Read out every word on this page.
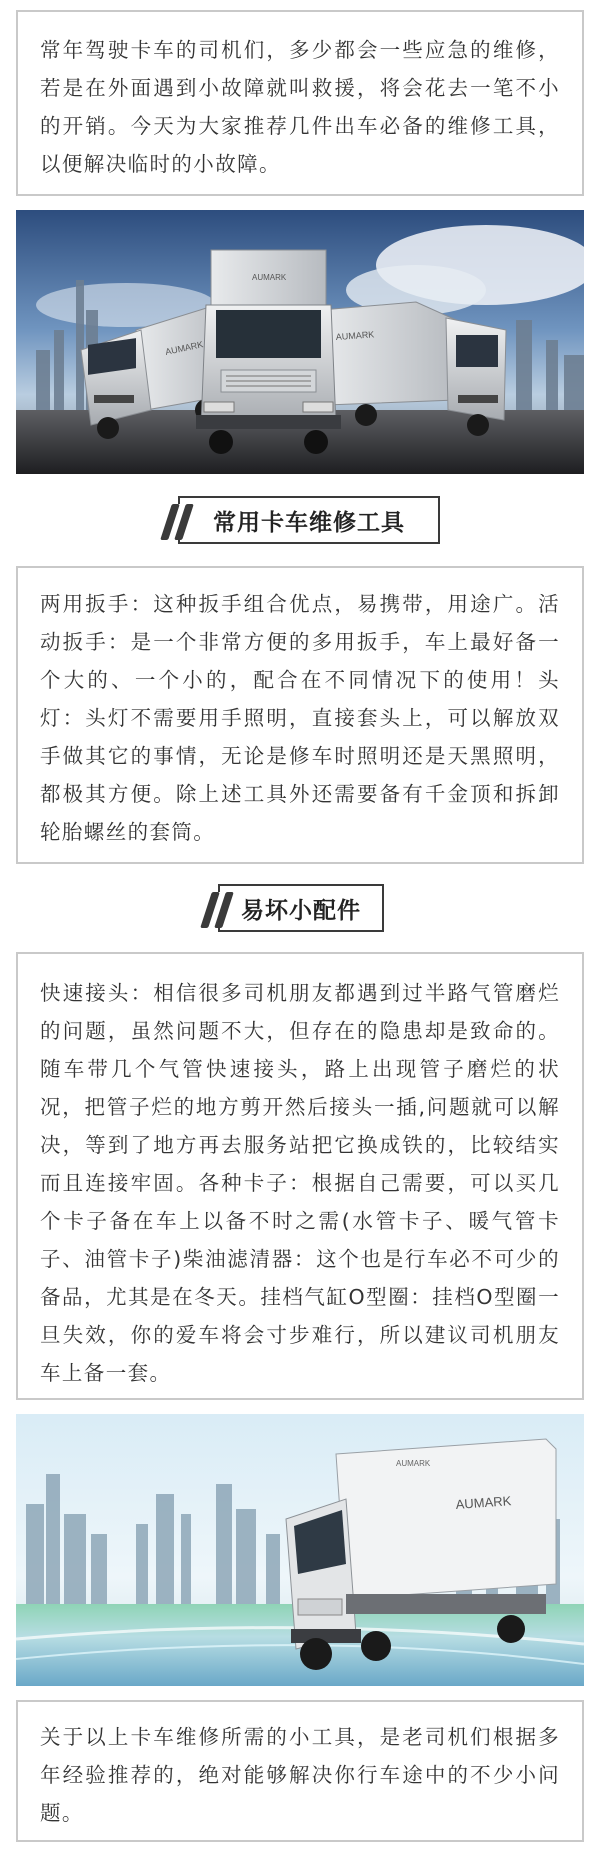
常年驾驶卡车的司机们，多少都会一些应急的维修，若是在外面遇到小故障就叫救援，将会花去一笔不小的开销。今天为大家推荐几件出车必备的维修工具，以便解决临时的小故障。

AUMARK
AUMARK
AUMARK
常用卡车维修工具

两用扳手：这种扳手组合优点，易携带，用途广。活动扳手：是一个非常方便的多用扳手，车上最好备一个大的、一个小的，配合在不同情况下的使用！头灯：头灯不需要用手照明，直接套头上，可以解放双手做其它的事情，无论是修车时照明还是天黑照明，都极其方便。除上述工具外还需要备有千金顶和拆卸轮胎螺丝的套筒。

易坏小配件

快速接头：相信很多司机朋友都遇到过半路气管磨烂的问题，虽然问题不大，但存在的隐患却是致命的。随车带几个气管快速接头，路上出现管子磨烂的状况，把管子烂的地方剪开然后接头一插,问题就可以解决，等到了地方再去服务站把它换成铁的，比较结实而且连接牢固。各种卡子：根据自己需要，可以买几个卡子备在车上以备不时之需(水管卡子、暖气管卡子、油管卡子)柴油滤清器：这个也是行车必不可少的备品，尤其是在冬天。挂档气缸O型圈：挂档O型圈一旦失效，你的爱车将会寸步难行，所以建议司机朋友车上备一套。

AUMARK
AUMARK

关于以上卡车维修所需的小工具，是老司机们根据多年经验推荐的，绝对能够解决你行车途中的不少小问题。
